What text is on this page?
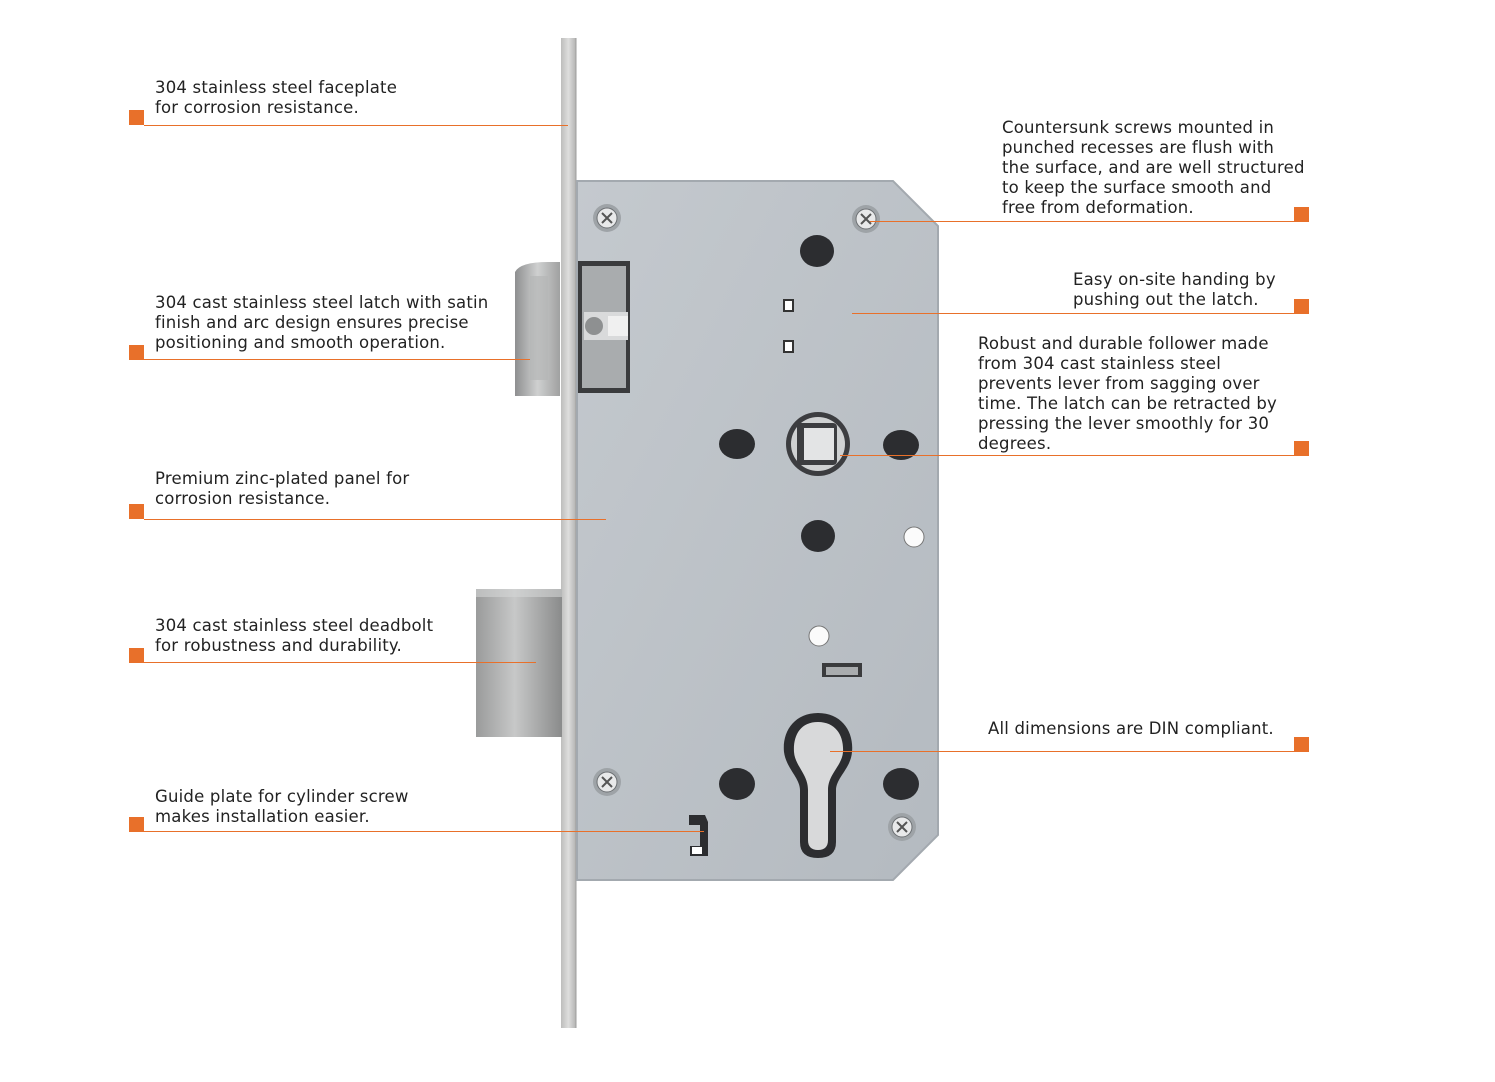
304 stainless steel faceplate
for corrosion resistance.
304 cast stainless steel latch with satin
finish and arc design ensures precise
positioning and smooth operation.
Premium zinc-plated panel for
corrosion resistance.
304 cast stainless steel deadbolt
for robustness and durability.
Guide plate for cylinder screw
makes installation easier.
Countersunk screws mounted in
punched recesses are flush with
the surface, and are well structured
to keep the surface smooth and
free from deformation.
Easy on-site handing by
pushing out the latch.
Robust and durable follower made
from 304 cast stainless steel
prevents lever from sagging over
time. The latch can be retracted by
pressing the lever smoothly for 30
degrees.
All dimensions are DIN compliant.
